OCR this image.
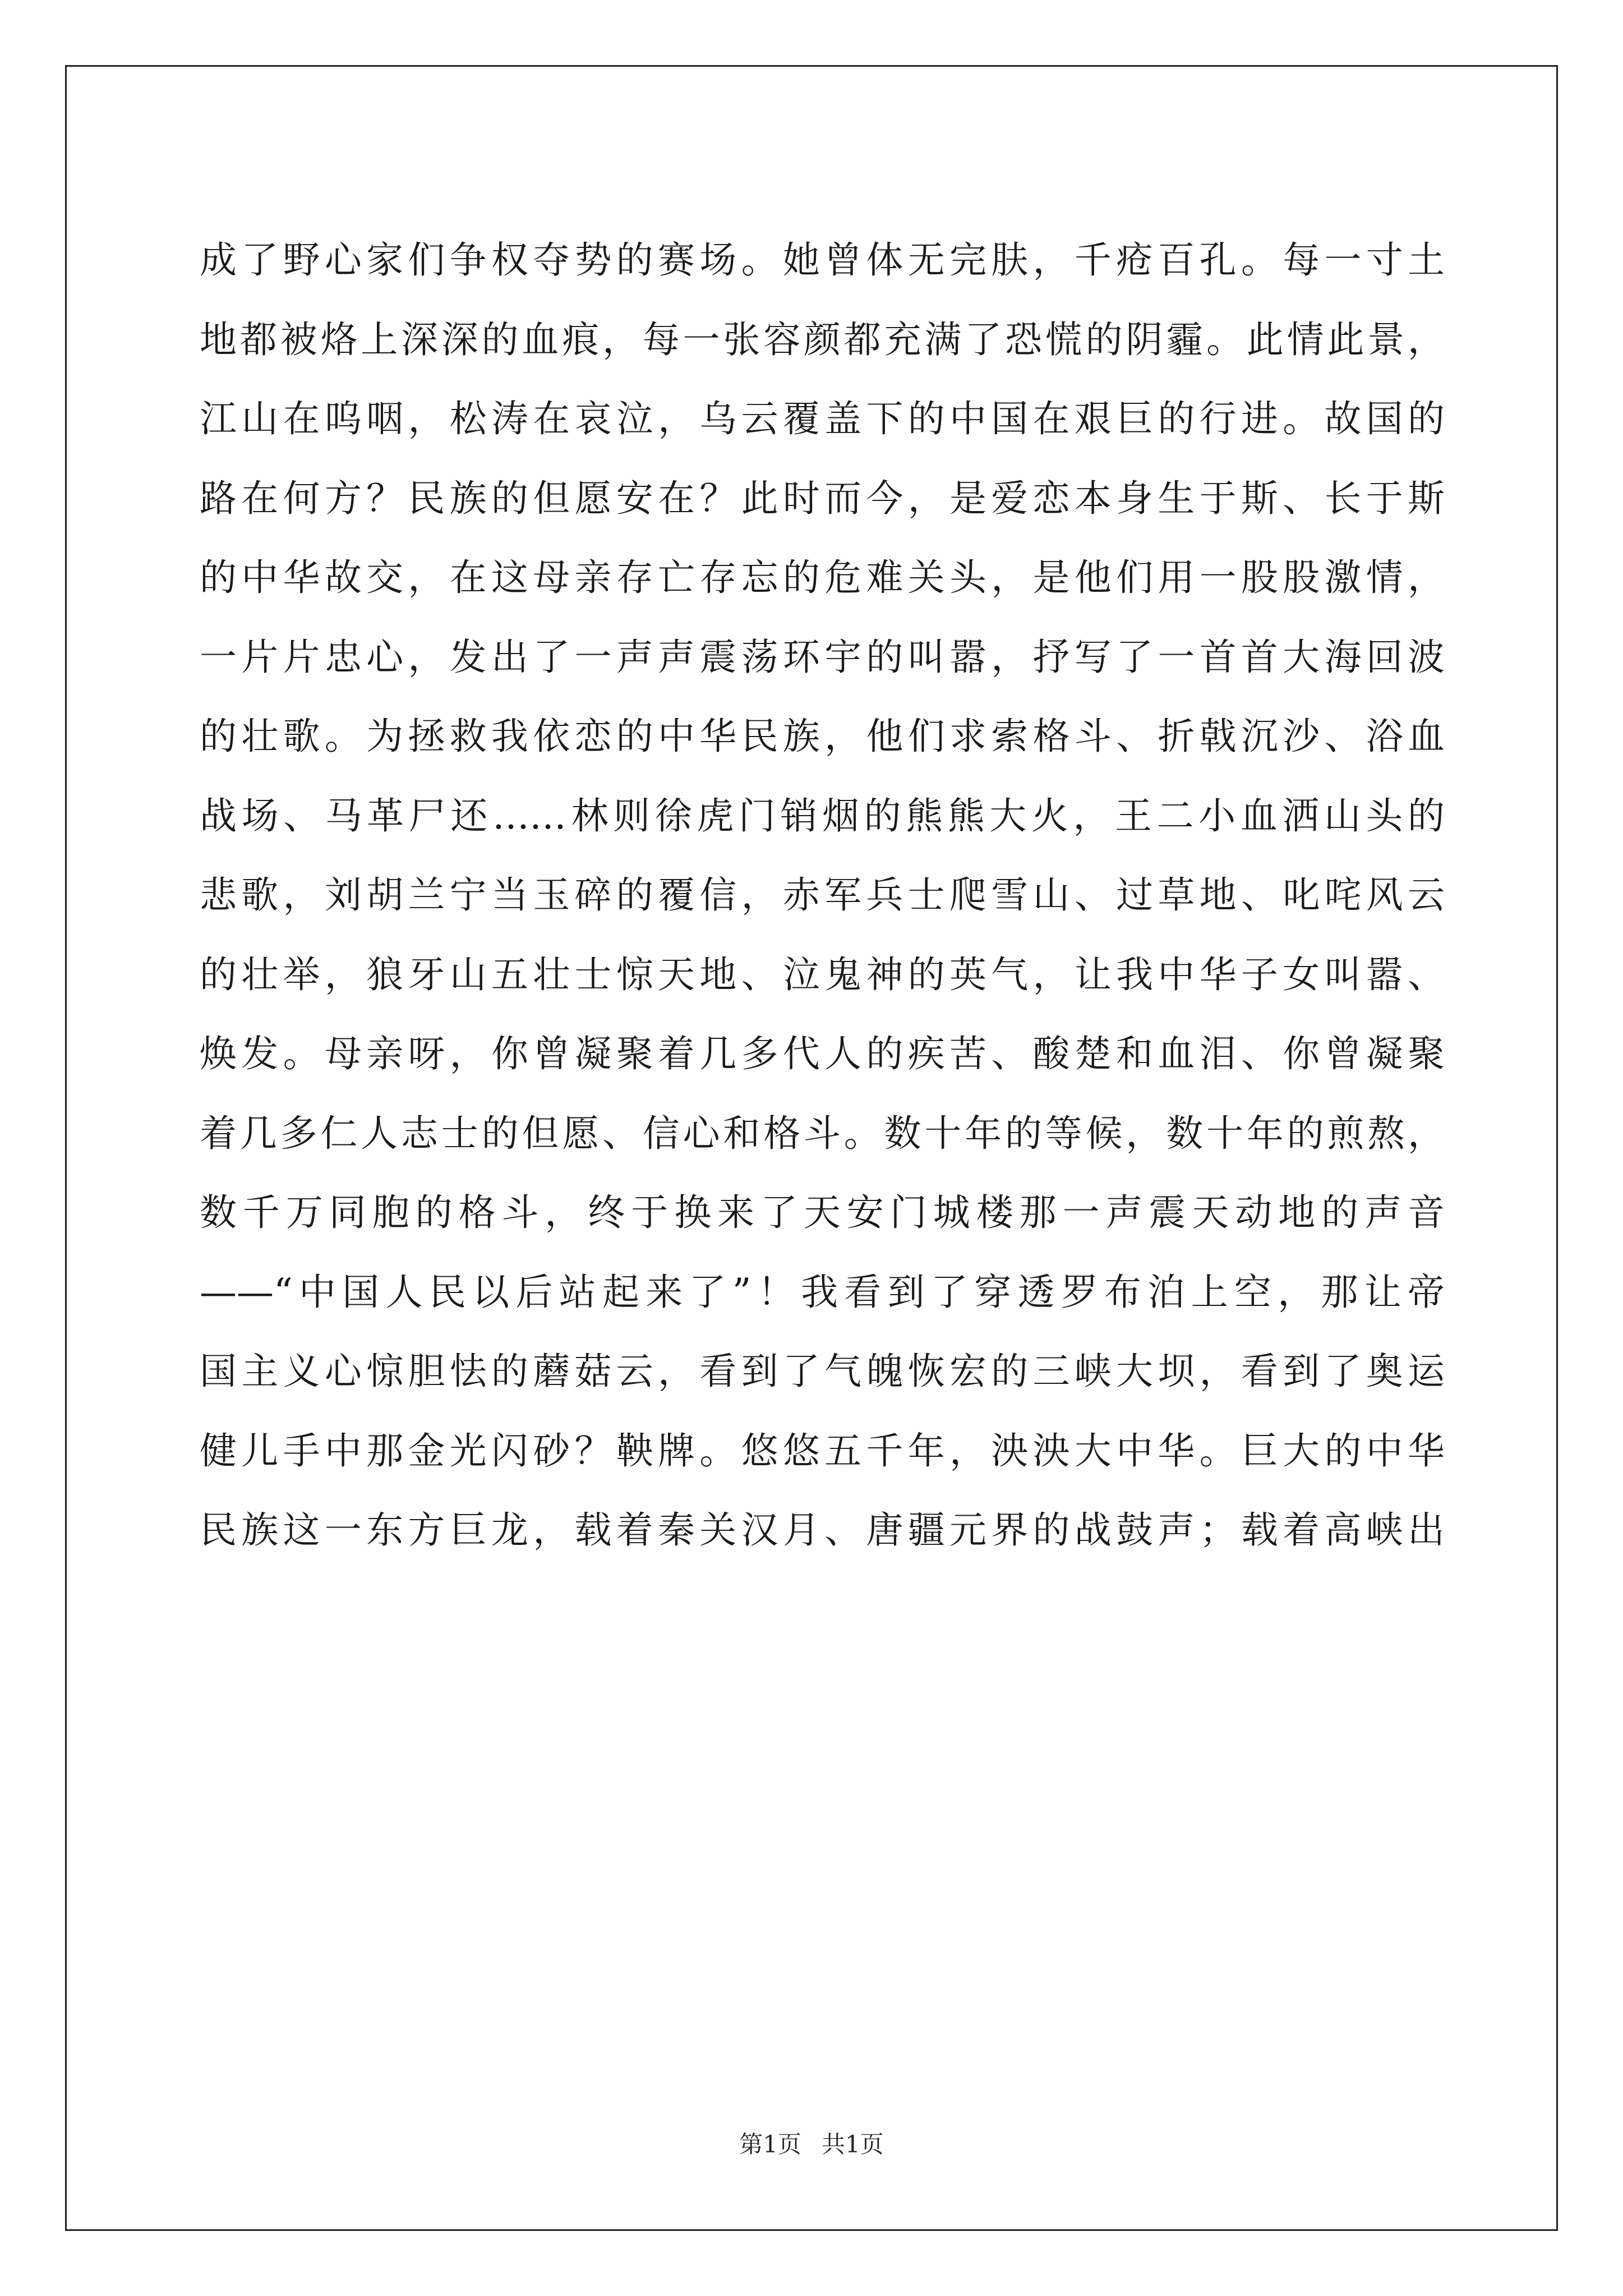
成了野心家们争权夺势的赛场。她曾体无完肤，千疮百孔。每一寸土
地都被烙上深深的血痕，每一张容颜都充满了恐慌的阴霾。此情此景，
江山在呜咽，松涛在哀泣，乌云覆盖下的中国在艰巨的行进。故国的
路在何方？民族的但愿安在？此时而今，是爱恋本身生于斯、长于斯
的中华故交，在这母亲存亡存忘的危难关头，是他们用一股股激情，
一片片忠心，发出了一声声震荡环宇的叫嚣，抒写了一首首大海回波
的壮歌。为拯救我依恋的中华民族，他们求索格斗、折戟沉沙、浴血
战场、马革尸还……林则徐虎门销烟的熊熊大火，王二小血洒山头的
悲歌，刘胡兰宁当玉碎的覆信，赤军兵士爬雪山、过草地、叱咤风云
的壮举，狼牙山五壮士惊天地、泣鬼神的英气，让我中华子女叫嚣、
焕发。母亲呀，你曾凝聚着几多代人的疾苦、酸楚和血泪、你曾凝聚
着几多仁人志士的但愿、信心和格斗。数十年的等候，数十年的煎熬，
数千万同胞的格斗，终于换来了天安门城楼那一声震天动地的声音
——“中国人民以后站起来了”！我看到了穿透罗布泊上空，那让帝
国主义心惊胆怯的蘑菇云，看到了气魄恢宏的三峡大坝，看到了奥运
健儿手中那金光闪砂？鞅牌。悠悠五千年，泱泱大中华。巨大的中华
民族这一东方巨龙，载着秦关汉月、唐疆元界的战鼓声；载着高峡出
第1页 共1页
